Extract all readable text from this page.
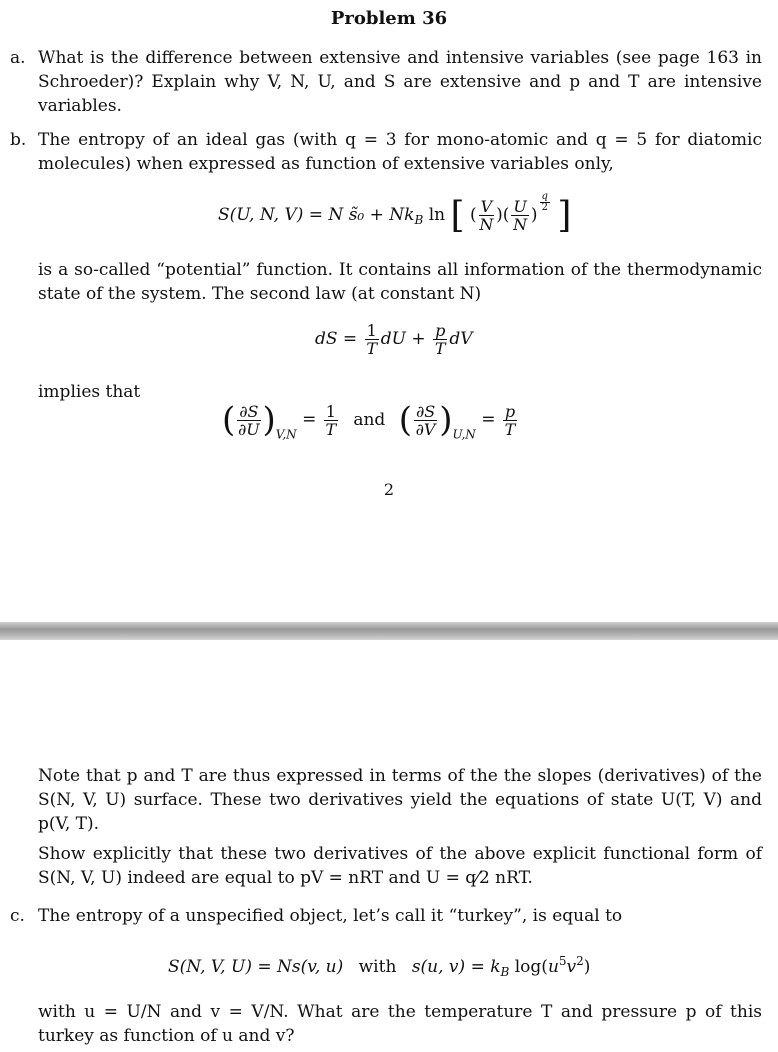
Problem 36
a. What is the difference between extensive and intensive variables (see page 163 in Schroeder)? Explain why V, N, U, and S are extensive and p and T are intensive variables.
b. The entropy of an ideal gas (with q = 3 for mono-atomic and q = 5 for diatomic molecules) when expressed as function of extensive variables only,
S(U, N, V) = N s̃₀ + $Nk_B$ ln [ ( $\frac{V}{N}$ )( $\frac{U}{N}$ )
$\frac{q}{2}$ ]
is a so-called “potential” function. It contains all information of the thermodynamic state of the system. The second law (at constant N)
dS = $\frac{1}{T}$ dU + $\frac{p}{T}$ dV
implies that
( $\frac{\partial S}{\partial U} )_{V,N} = \frac{1}{T}$ and ( $\frac{\partial S}{\partial V} )_{U,N} = \frac{p}{T}$
2
Note that p and T are thus expressed in terms of the the slopes (derivatives) of the S(N, V, U) surface. These two derivatives yield the equations of state U(T, V) and p(V, T).
Show explicitly that these two derivatives of the above explicit functional form of S(N, V, U) indeed are equal to pV = nRT and U = q⁄2 nRT.
c. The entropy of a unspecified object, let’s call it “turkey”, is equal to
S(N, V, U) = Ns(v, u) with s(u, $v) = k_B$ $\log(u^5v^2)$
with u = U/N and v = V/N. What are the temperature T and pressure p of this turkey as function of u and v?
